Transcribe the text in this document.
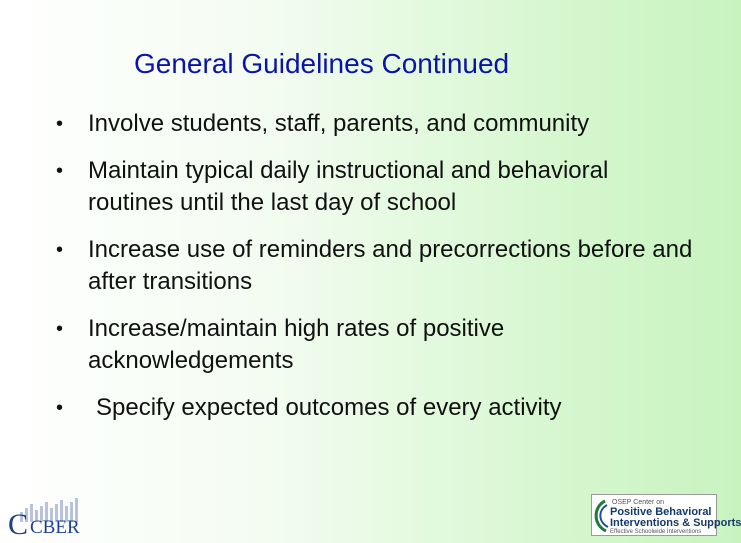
General Guidelines Continued
• Involve students, staff, parents, and community
• Maintain typical daily instructional and behavioral routines until the last day of school
• Increase use of reminders and precorrections before and after transitions
• Increase/maintain high rates of positive acknowledgements
• Specify expected outcomes of every activity
C CBER
OSEP Center on
Positive Behavioral
Interventions & Supports
Effective Schoolwide Interventions
